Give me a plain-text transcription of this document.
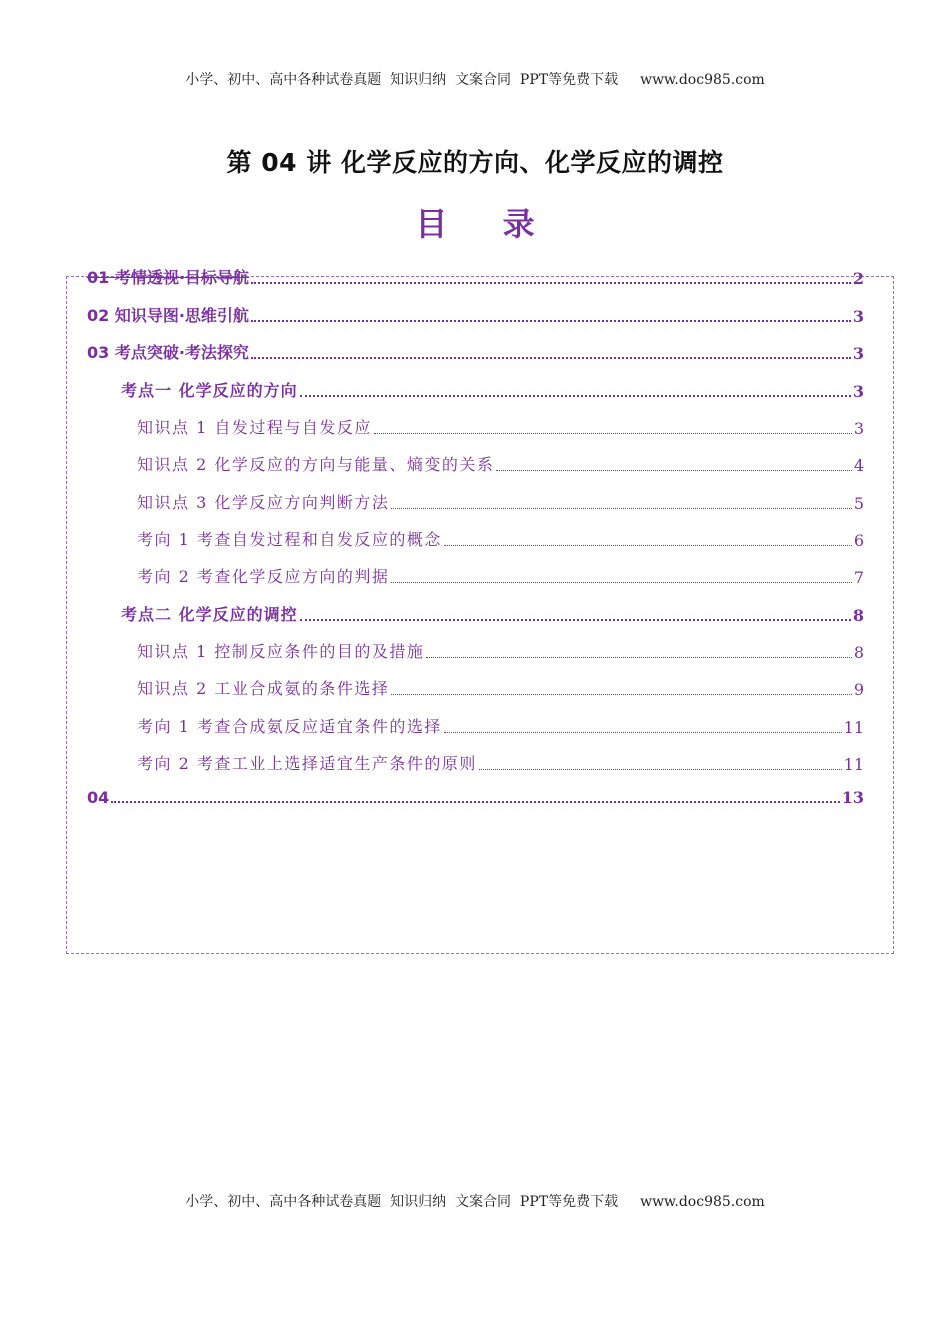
小学、初中、高中各种试卷真题  知识归纳  文案合同  PPT等免费下载 www.doc985.com
第 04 讲 化学反应的方向、化学反应的调控
目 录
01 考情透视·目标导航	2
02 知识导图·思维引航	3
03 考点突破·考法探究	3
考点一 化学反应的方向	3
知识点 1 自发过程与自发反应	3
知识点 2 化学反应的方向与能量、熵变的关系	4
知识点 3 化学反应方向判断方法	5
考向 1 考查自发过程和自发反应的概念	6
考向 2 考查化学反应方向的判据	7
考点二 化学反应的调控	8
知识点 1 控制反应条件的目的及措施	8
知识点 2 工业合成氨的条件选择	9
考向 1 考查合成氨反应适宜条件的选择	11
考向 2 考查工业上选择适宜生产条件的原则	11
04	13
小学、初中、高中各种试卷真题  知识归纳  文案合同  PPT等免费下载 www.doc985.com
